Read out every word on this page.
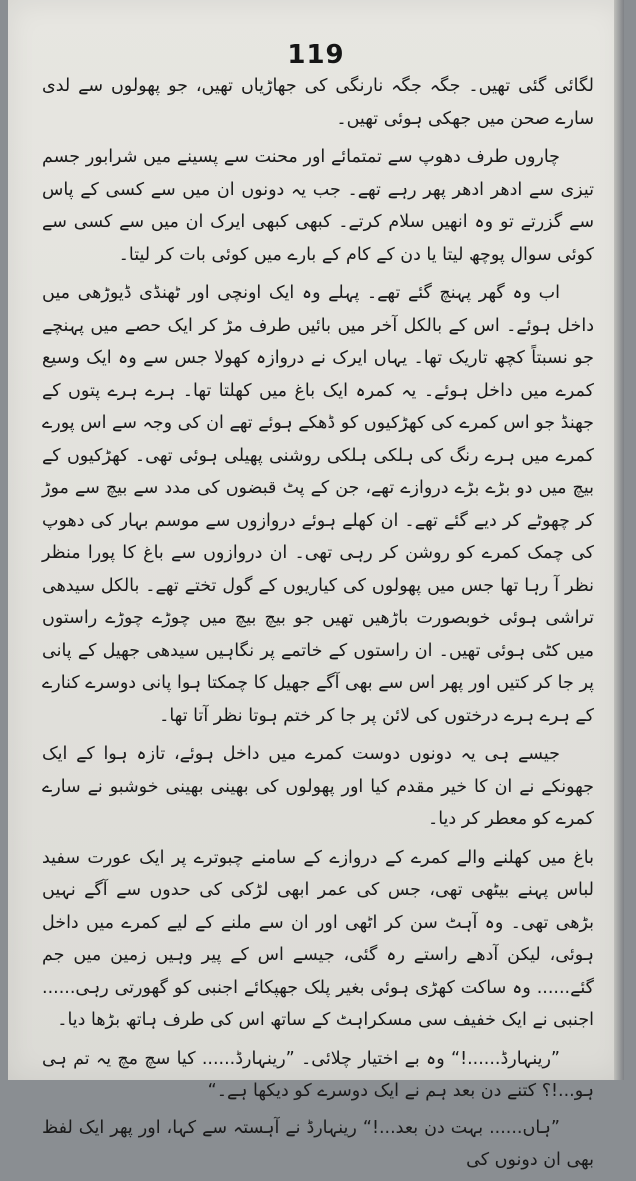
119

لگائی گئی تھیں۔ جگہ جگہ نارنگی کی جھاڑیاں تھیں، جو پھولوں سے لدی سارے صحن میں جھکی ہوئی تھیں۔

چاروں طرف دھوپ سے تمتمائے اور محنت سے پسینے میں شرابور جسم تیزی سے ادھر ادھر پھر رہے تھے۔ جب یہ دونوں ان میں سے کسی کے پاس سے گزرتے تو وہ انھیں سلام کرتے۔ کبھی کبھی ایرک ان میں سے کسی سے کوئی سوال پوچھ لیتا یا دن کے کام کے بارے میں کوئی بات کر لیتا۔

اب وہ گھر پہنچ گئے تھے۔ پہلے وہ ایک اونچی اور ٹھنڈی ڈیوڑھی میں داخل ہوئے۔ اس کے بالکل آخر میں بائیں طرف مڑ کر ایک حصے میں پہنچے جو نسبتاً کچھ تاریک تھا۔ یہاں ایرک نے دروازہ کھولا جس سے وہ ایک وسیع کمرے میں داخل ہوئے۔ یہ کمرہ ایک باغ میں کھلتا تھا۔ ہرے ہرے پتوں کے جھنڈ جو اس کمرے کی کھڑکیوں کو ڈھکے ہوئے تھے ان کی وجہ سے اس پورے کمرے میں ہرے رنگ کی ہلکی ہلکی روشنی پھیلی ہوئی تھی۔ کھڑکیوں کے بیچ میں دو بڑے بڑے دروازے تھے، جن کے پٹ قبضوں کی مدد سے بیچ سے موڑ کر چھوٹے کر دیے گئے تھے۔ ان کھلے ہوئے دروازوں سے موسم بہار کی دھوپ کی چمک کمرے کو روشن کر رہی تھی۔ ان دروازوں سے باغ کا پورا منظر نظر آ رہا تھا جس میں پھولوں کی کیاریوں کے گول تختے تھے۔ بالکل سیدھی تراشی ہوئی خوبصورت باڑھیں تھیں جو بیچ بیچ میں چوڑے چوڑے راستوں میں کٹی ہوئی تھیں۔ ان راستوں کے خاتمے پر نگاہیں سیدھی جھیل کے پانی پر جا کر کتیں اور پھر اس سے بھی آگے جھیل کا چمکتا ہوا پانی دوسرے کنارے کے ہرے ہرے درختوں کی لائن پر جا کر ختم ہوتا نظر آتا تھا۔

جیسے ہی یہ دونوں دوست کمرے میں داخل ہوئے، تازہ ہوا کے ایک جھونکے نے ان کا خیر مقدم کیا اور پھولوں کی بھینی بھینی خوشبو نے سارے کمرے کو معطر کر دیا۔

باغ میں کھلنے والے کمرے کے دروازے کے سامنے چبوترے پر ایک عورت سفید لباس پہنے بیٹھی تھی، جس کی عمر ابھی لڑکی کی حدوں سے آگے نہیں بڑھی تھی۔ وہ آہٹ سن کر اٹھی اور ان سے ملنے کے لیے کمرے میں داخل ہوئی، لیکن آدھے راستے رہ گئی، جیسے اس کے پیر وہیں زمین میں جم گئے...... وہ ساکت کھڑی ہوئی بغیر پلک جھپکائے اجنبی کو گھورتی رہی...... اجنبی نے ایک خفیف سی مسکراہٹ کے ساتھ اس کی طرف ہاتھ بڑھا دیا۔

”رینہارڈ......!“ وہ بے اختیار چلائی۔ ”رینہارڈ...... کیا سچ مچ یہ تم ہی ہو...!؟ کتنے دن بعد ہم نے ایک دوسرے کو دیکھا ہے۔“

”ہاں...... بہت دن بعد...!“ رینہارڈ نے آہستہ سے کہا، اور پھر ایک لفظ بھی ان دونوں کی
